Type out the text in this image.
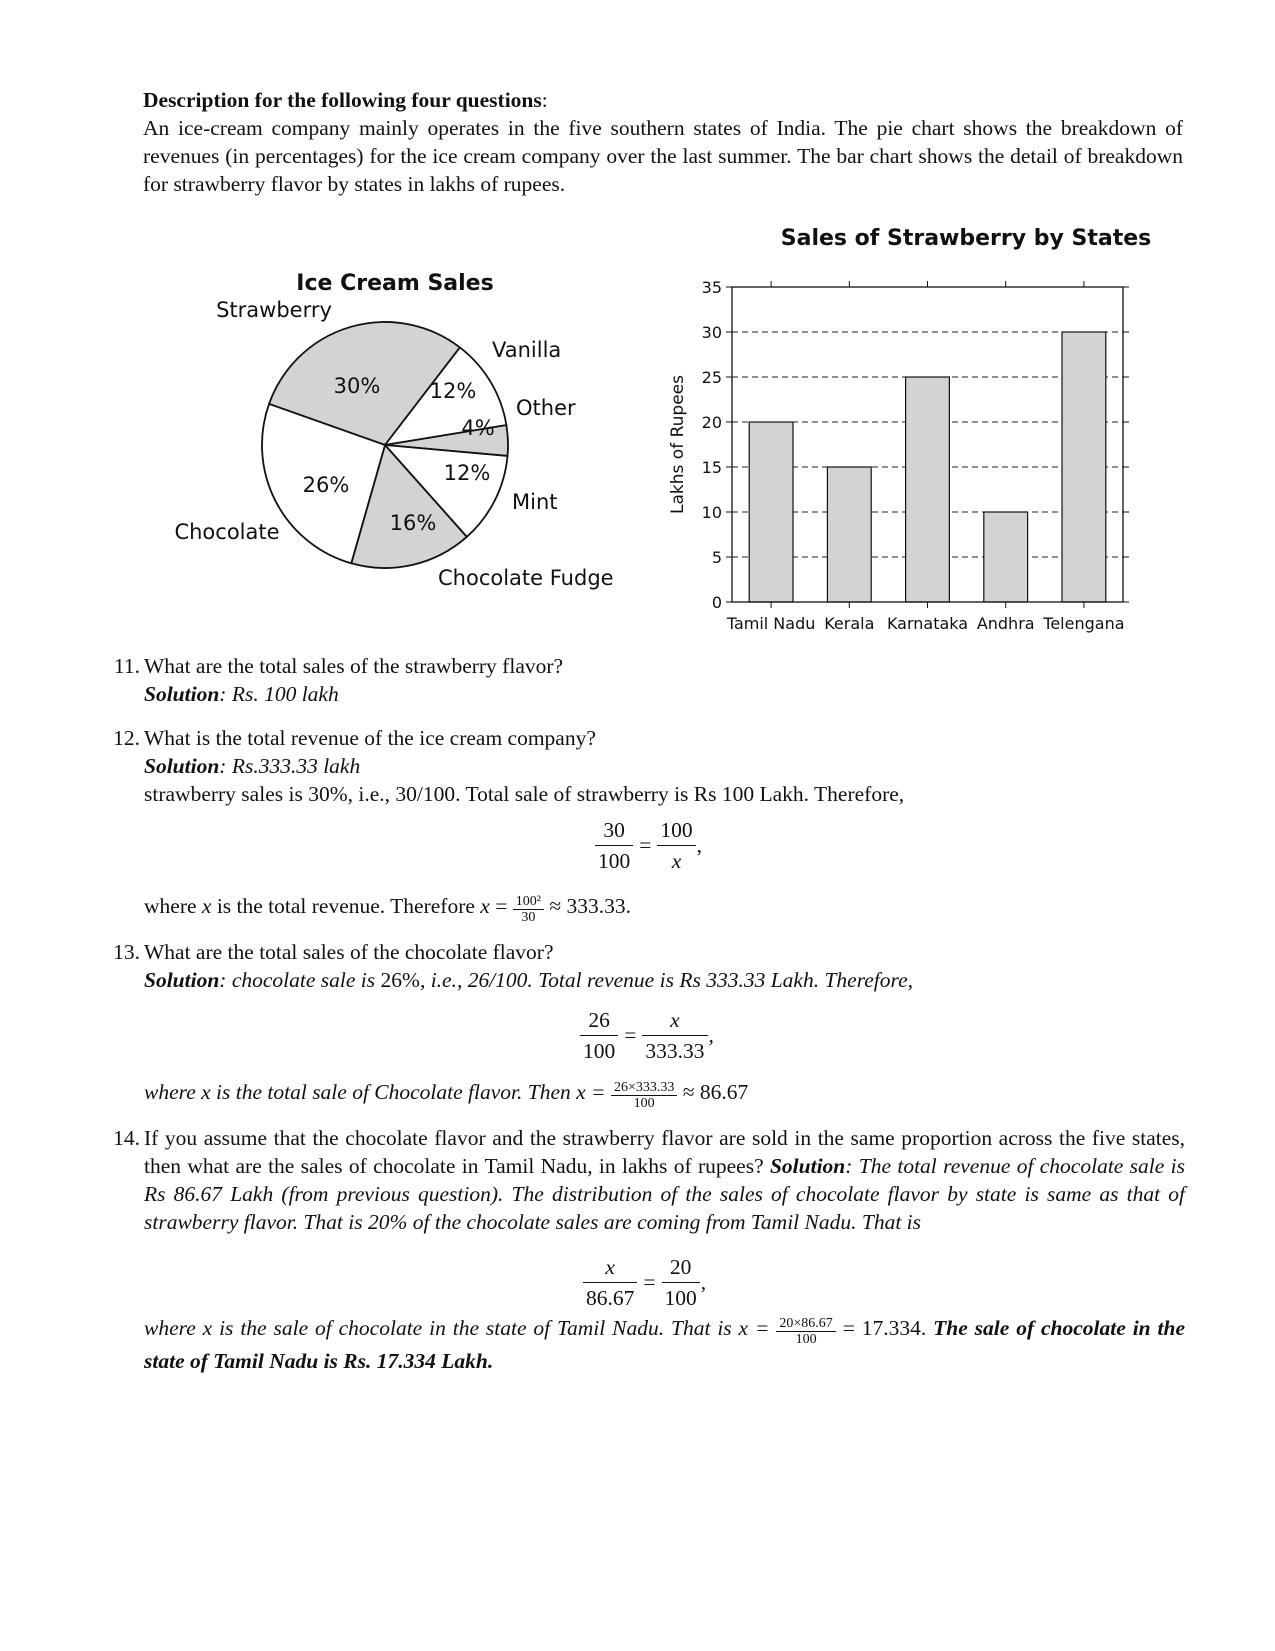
Description for the following four questions:
An ice-cream company mainly operates in the five southern states of India. The pie chart shows the breakdown of revenues (in percentages) for the ice cream company over the last summer. The bar chart shows the detail of breakdown for strawberry flavor by states in lakhs of rupees.
Ice Cream Sales
30%
Strawberry
12%
Vanilla
4%
Other
12%
Mint
16%
Chocolate Fudge
26%
Chocolate
Sales of Strawberry by States
Tamil Nadu Kerala Karnataka Andhra Telengana
0
5
10
15
20
25
30
35
Lakhs of Rupees
11. What are the total sales of the strawberry flavor?
Solution: Rs. 100 lakh
12. What is the total revenue of the ice cream company?
Solution: Rs.333.33 lakh
strawberry sales is 30%, i.e., 30/100. Total sale of strawberry is Rs 100 Lakh. Therefore,
$\frac{30}{100} = \frac{100}{x}$ ,
where x is the total revenue. Therefore $x = \frac{\text{100²}}{30} \approx 333.33$.
13. What are the total sales of the chocolate flavor?
Solution: chocolate sale is 26%, i.e., 26/100. Total revenue is Rs 333.33 Lakh. Therefore,
$\frac{26}{100} = \frac{x}{333.33}$ ,
where x is the total sale of Chocolate flavor. Then $x = \frac{26\times 333.33}{100} \approx 86.67$
14. If you assume that the chocolate flavor and the strawberry flavor are sold in the same proportion across the five states, then what are the sales of chocolate in Tamil Nadu, in lakhs of rupees? Solution: The total revenue of chocolate sale is Rs 86.67 Lakh (from previous question). The distribution of the sales of chocolate flavor by state is same as that of strawberry flavor. That is 20% of the chocolate sales are coming from Tamil Nadu. That is
$\frac{x}{86.67} = \frac{20}{100}$ ,
where x is the sale of chocolate in the state of Tamil Nadu. That is $x = \frac{20\times 86.67}{100} = 17.334$. The sale of chocolate in the state of Tamil Nadu is Rs. 17.334 Lakh.
